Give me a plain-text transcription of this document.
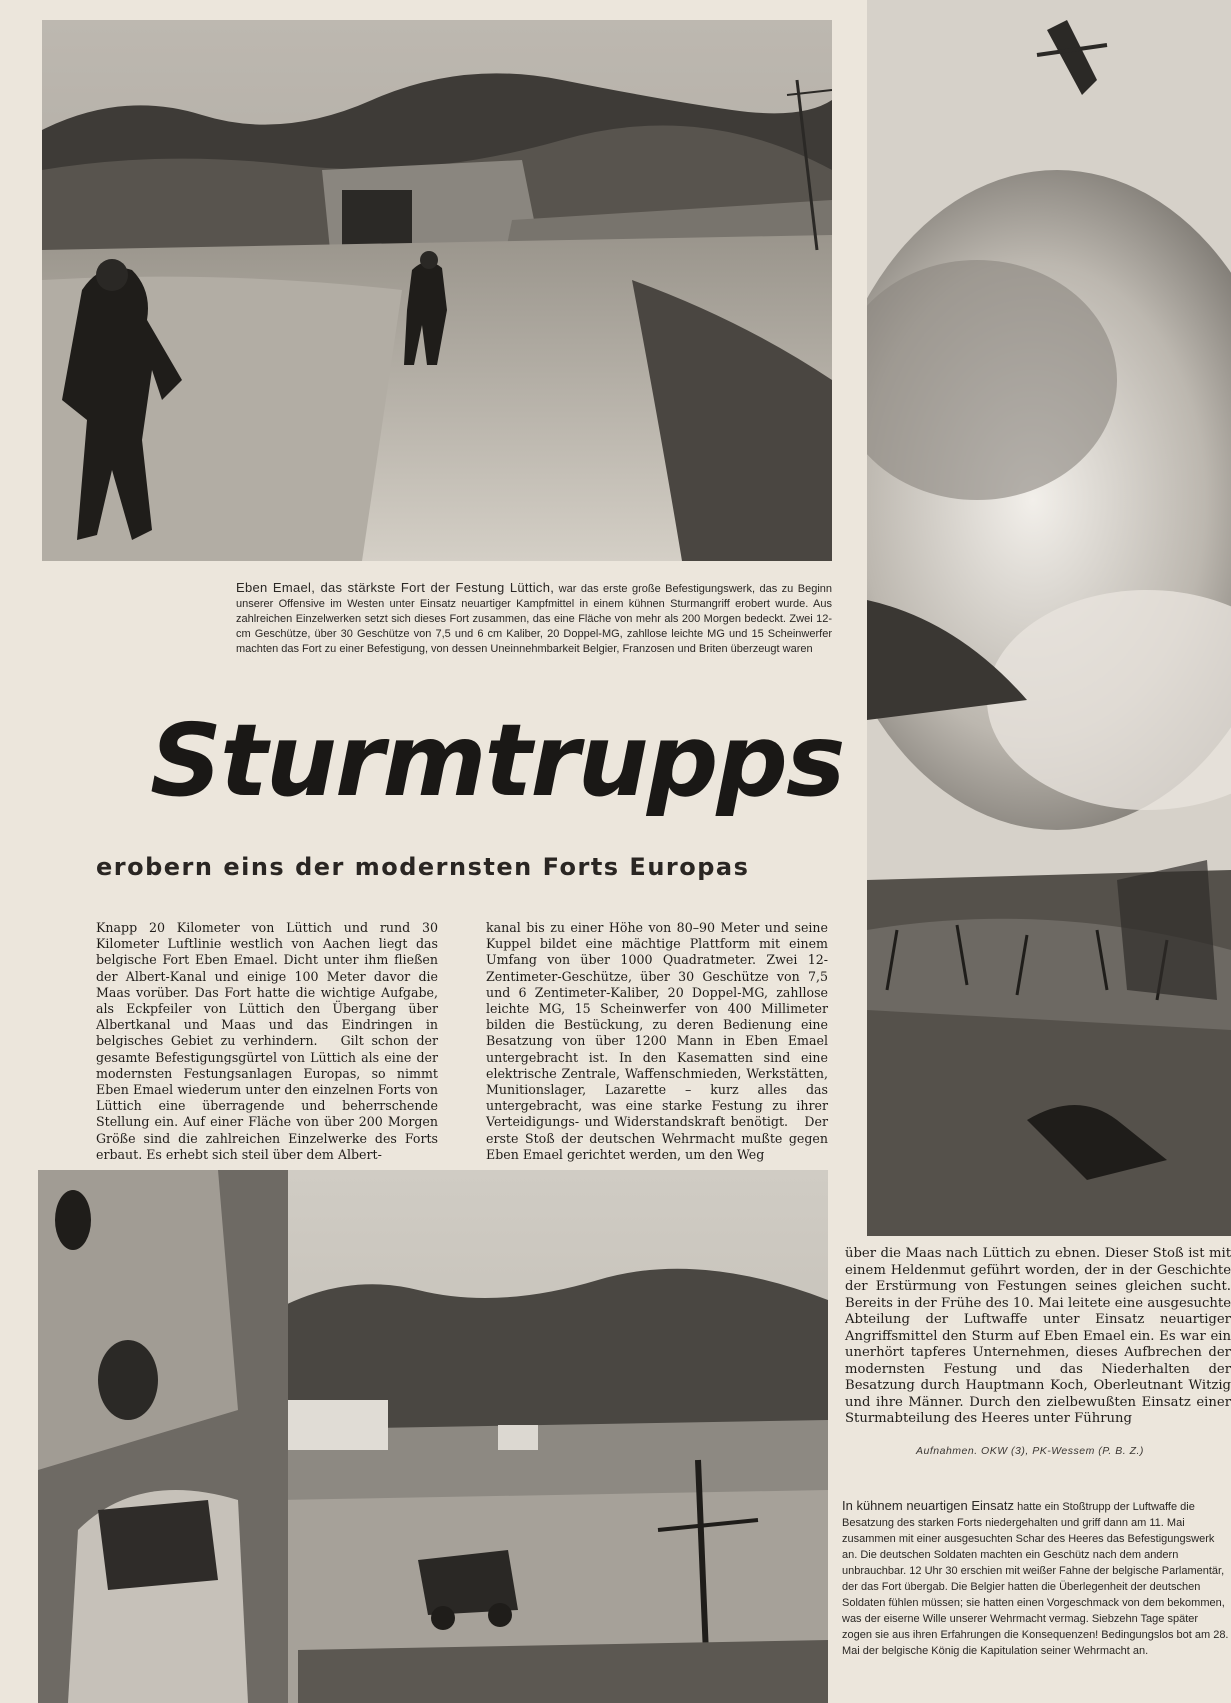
Eben Emael, das stärkste Fort der Festung Lüttich, war das erste große Befestigungswerk, das zu Beginn unserer Offensive im Westen unter Einsatz neuartiger Kampfmittel in einem kühnen Sturmangriff erobert wurde. Aus zahlreichen Einzelwerken setzt sich dieses Fort zusammen, das eine Fläche von mehr als 200 Morgen bedeckt. Zwei 12-cm Geschütze, über 30 Geschütze von 7,5 und 6 cm Kaliber, 20 Doppel-MG, zahllose leichte MG und 15 Scheinwerfer machten das Fort zu einer Befestigung, von dessen Uneinnehmbarkeit Belgier, Franzosen und Briten überzeugt waren
Sturmtrupps
erobern eins der modernsten Forts Europas
Knapp 20 Kilometer von Lüttich und rund 30 Kilometer Luftlinie westlich von Aachen liegt das belgische Fort Eben Emael. Dicht unter ihm fließen der Albert-Kanal und einige 100 Meter davor die Maas vorüber. Das Fort hatte die wichtige Aufgabe, als Eckpfeiler von Lüttich den Übergang über Albertkanal und Maas und das Eindringen in belgisches Gebiet zu verhindern.   Gilt schon der gesamte Befestigungsgürtel von Lüttich als eine der modernsten Festungsanlagen Europas, so nimmt Eben Emael wiederum unter den einzelnen Forts von Lüttich eine überragende und beherrschende Stellung ein. Auf einer Fläche von über 200 Morgen Größe sind die zahlreichen Einzelwerke des Forts erbaut. Es erhebt sich steil über dem Albert-
kanal bis zu einer Höhe von 80–90 Meter und seine Kuppel bildet eine mächtige Plattform mit einem Umfang von über 1000 Quadratmeter. Zwei 12-Zentimeter-Geschütze, über 30 Geschütze von 7,5 und 6 Zentimeter-Kaliber, 20 Doppel-MG, zahllose leichte MG, 15 Scheinwerfer von 400 Millimeter bilden die Bestückung, zu deren Bedienung eine Besatzung von über 1200 Mann in Eben Emael untergebracht ist. In den Kasematten sind eine elektrische Zentrale, Waffenschmieden, Werkstätten, Munitionslager, Lazarette – kurz alles das untergebracht, was eine starke Festung zu ihrer Verteidigungs- und Widerstandskraft benötigt.   Der erste Stoß der deutschen Wehrmacht mußte gegen Eben Emael gerichtet werden, um den Weg
über die Maas nach Lüttich zu ebnen. Dieser Stoß ist mit einem Heldenmut geführt worden, der in der Geschichte der Erstürmung von Festungen seines gleichen sucht. Bereits in der Frühe des 10. Mai leitete eine ausgesuchte Abteilung der Luftwaffe unter Einsatz neuartiger Angriffsmittel den Sturm auf Eben Emael ein. Es war ein unerhört tapferes Unternehmen, dieses Aufbrechen der modernsten Festung und das Niederhalten der Besatzung durch Hauptmann Koch, Oberleutnant Witzig und ihre Männer. Durch den zielbewußten Einsatz einer Sturmabteilung des Heeres unter Führung
Aufnahmen. OKW (3), PK-Wessem (P. B. Z.)
In kühnem neuartigen Einsatz hatte ein Stoßtrupp der Luftwaffe die Besatzung des starken Forts niedergehalten und griff dann am 11. Mai zusammen mit einer ausgesuchten Schar des Heeres das Befestigungswerk an. Die deutschen Soldaten machten ein Geschütz nach dem andern unbrauchbar. 12 Uhr 30 erschien mit weißer Fahne der belgische Parlamentär, der das Fort übergab. Die Belgier hatten die Überlegenheit der deutschen Soldaten fühlen müssen; sie hatten einen Vorgeschmack von dem bekommen, was der eiserne Wille unserer Wehrmacht vermag. Siebzehn Tage später zogen sie aus ihren Erfahrungen die Konsequenzen! Bedingungslos bot am 28. Mai der belgische König die Kapitulation seiner Wehrmacht an.
